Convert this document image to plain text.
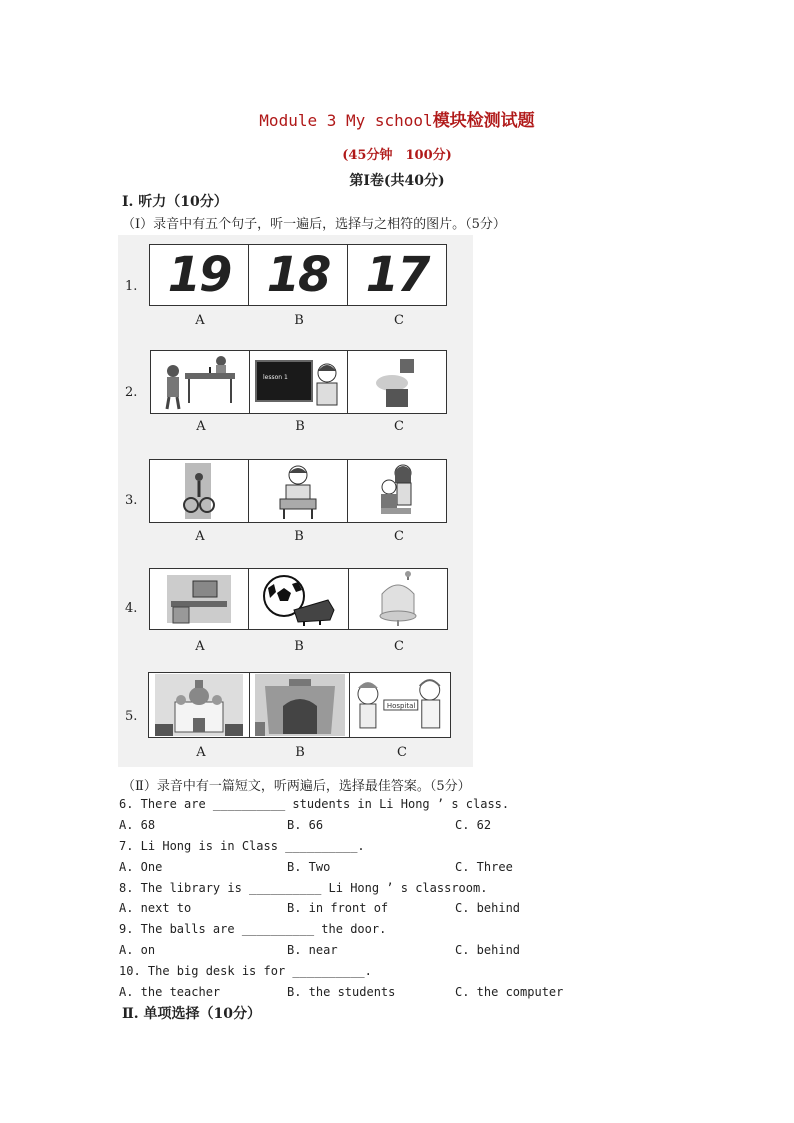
Module 3 My school模块检测试题
(45分钟　100分)
第Ⅰ卷(共40分)
Ⅰ. 听力（10分）
（Ⅰ）录音中有五个句子，听一遍后，选择与之相符的图片。（5分）
1. 19 18 17
A	B	C
2.
lesson 1
A	B	C
3.
A	B	C
4.
A	B	C
5.
Hospital
A	B	C
（Ⅱ）录音中有一篇短文，听两遍后，选择最佳答案。（5分）
6. There are __________ students in Li Hong ’ s class.
A. 68	B. 66	C. 62
7. Li Hong is in Class __________.
A. One	B. Two	C. Three
8. The library is __________ Li Hong ’ s classroom.
A. next to	B. in front of	C. behind
9. The balls are __________ the door.
A. on	B. near	C. behind
10. The big desk is for __________.
A. the teacher	B. the students	C. the computer
Ⅱ. 单项选择（10分）
